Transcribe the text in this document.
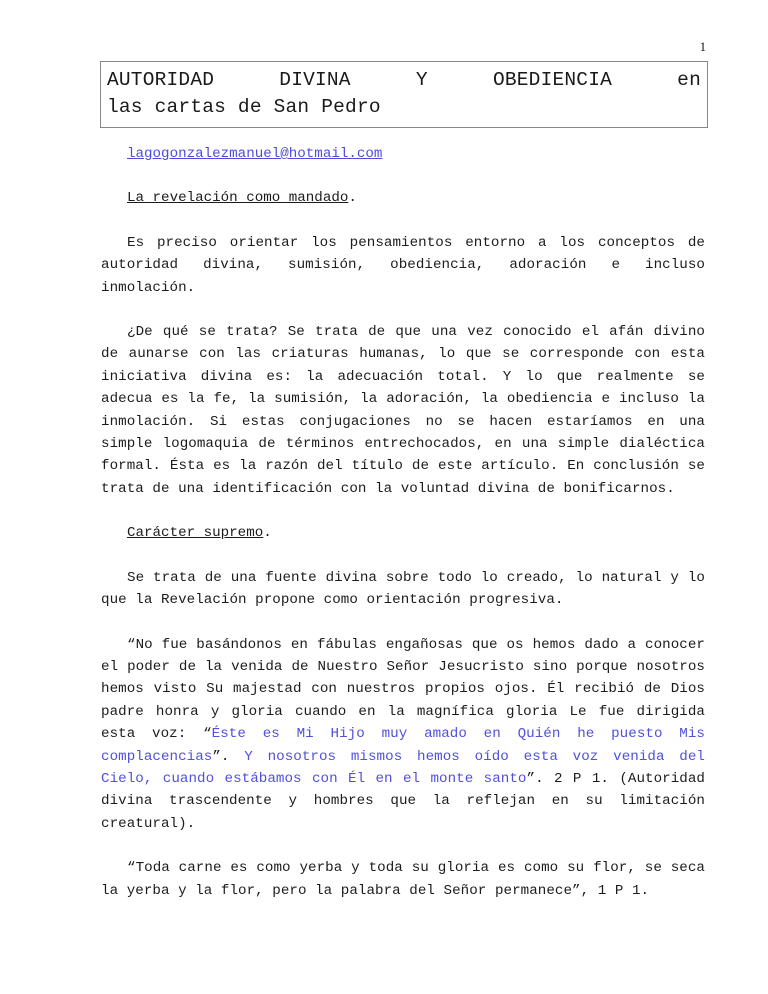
1
AUTORIDAD DIVINA Y OBEDIENCIA en
las cartas de San Pedro

lagogonzalezmanuel@hotmail.com

La revelación como mandado.

Es preciso orientar los pensamientos entorno a los conceptos de autoridad divina, sumisión, obediencia, adoración e incluso inmolación.

¿De qué se trata? Se trata de que una vez conocido el afán divino de aunarse con las criaturas humanas, lo que se corresponde con esta iniciativa divina es: la adecuación total. Y lo que realmente se adecua es la fe, la sumisión, la adoración, la obediencia e incluso la inmolación. Si estas conjugaciones no se hacen estaríamos en una simple logomaquia de términos entrechocados, en una simple dialéctica formal. Ésta es la razón del título de este artículo. En conclusión se trata de una identificación con la voluntad divina de bonificarnos.

Carácter supremo.

Se trata de una fuente divina sobre todo lo creado, lo natural y lo que la Revelación propone como orientación progresiva.

“No fue basándonos en fábulas engañosas que os hemos dado a conocer el poder de la venida de Nuestro Señor Jesucristo sino porque nosotros hemos visto Su majestad con nuestros propios ojos. Él recibió de Dios padre honra y gloria cuando en la magnífica gloria Le fue dirigida esta voz: “Éste es Mi Hijo muy amado en Quién he puesto Mis complacencias”. Y nosotros mismos hemos oído esta voz venida del Cielo, cuando estábamos con Él en el monte santo”. 2 P 1. (Autoridad divina trascendente y hombres que la reflejan en su limitación creatural).

“Toda carne es como yerba y toda su gloria es como su flor, se seca la yerba y la flor, pero la palabra del Señor permanece”, 1 P 1.
